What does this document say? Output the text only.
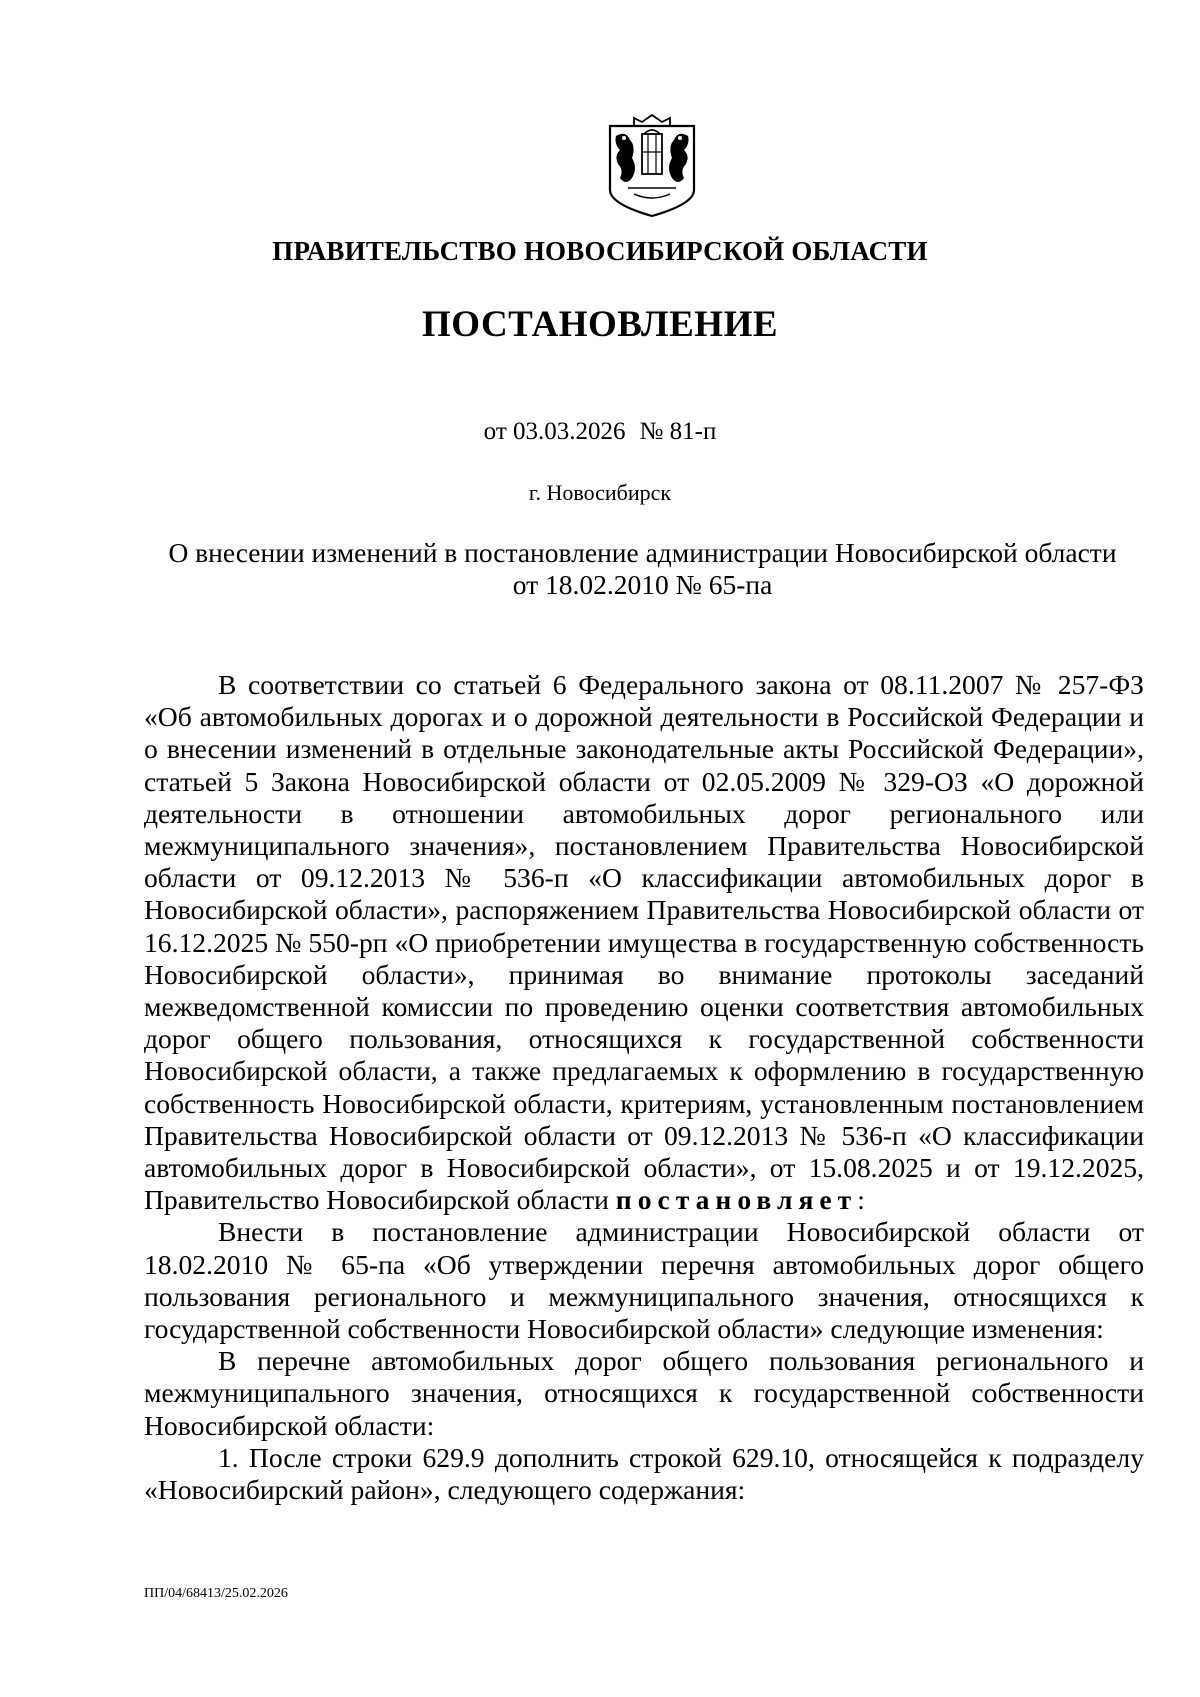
ПРАВИТЕЛЬСТВО НОВОСИБИРСКОЙ ОБЛАСТИ
ПОСТАНОВЛЕНИЕ
от 03.03.2026 № 81-п
г. Новосибирск
О внесении изменений в постановление администрации Новосибирской области
от 18.02.2010 № 65-па

В соответствии со статьей 6 Федерального закона от 08.11.2007 № 257-ФЗ «Об автомобильных дорогах и о дорожной деятельности в Российской Федерации и о внесении изменений в отдельные законодательные акты Российской Федерации», статьей 5 Закона Новосибирской области от 02.05.2009 № 329-ОЗ «О дорожной деятельности в отношении автомобильных дорог регионального или межмуниципального значения», постановлением Правительства Новосибирской области от 09.12.2013 № 536-п «О классификации автомобильных дорог в Новосибирской области», распоряжением Правительства Новосибирской области от 16.12.2025 № 550-рп «О приобретении имущества в государственную собственность Новосибирской области», принимая во внимание протоколы заседаний межведомственной комиссии по проведению оценки соответствия автомобильных дорог общего пользования, относящихся к государственной собственности Новосибирской области, а также предлагаемых к оформлению в государственную собственность Новосибирской области, критериям, установленным постановлением Правительства Новосибирской области от 09.12.2013 № 536-п «О классификации автомобильных дорог в Новосибирской области», от 15.08.2025 и от 19.12.2025, Правительство Новосибирской области постановляет:

Внести в постановление администрации Новосибирской области от 18.02.2010 № 65-па «Об утверждении перечня автомобильных дорог общего пользования регионального и межмуниципального значения, относящихся к государственной собственности Новосибирской области» следующие изменения:

В перечне автомобильных дорог общего пользования регионального и межмуниципального значения, относящихся к государственной собственности Новосибирской области:

1. После строки 629.9 дополнить строкой 629.10, относящейся к подразделу «Новосибирский район», следующего содержания:

ПП/04/68413/25.02.2026
